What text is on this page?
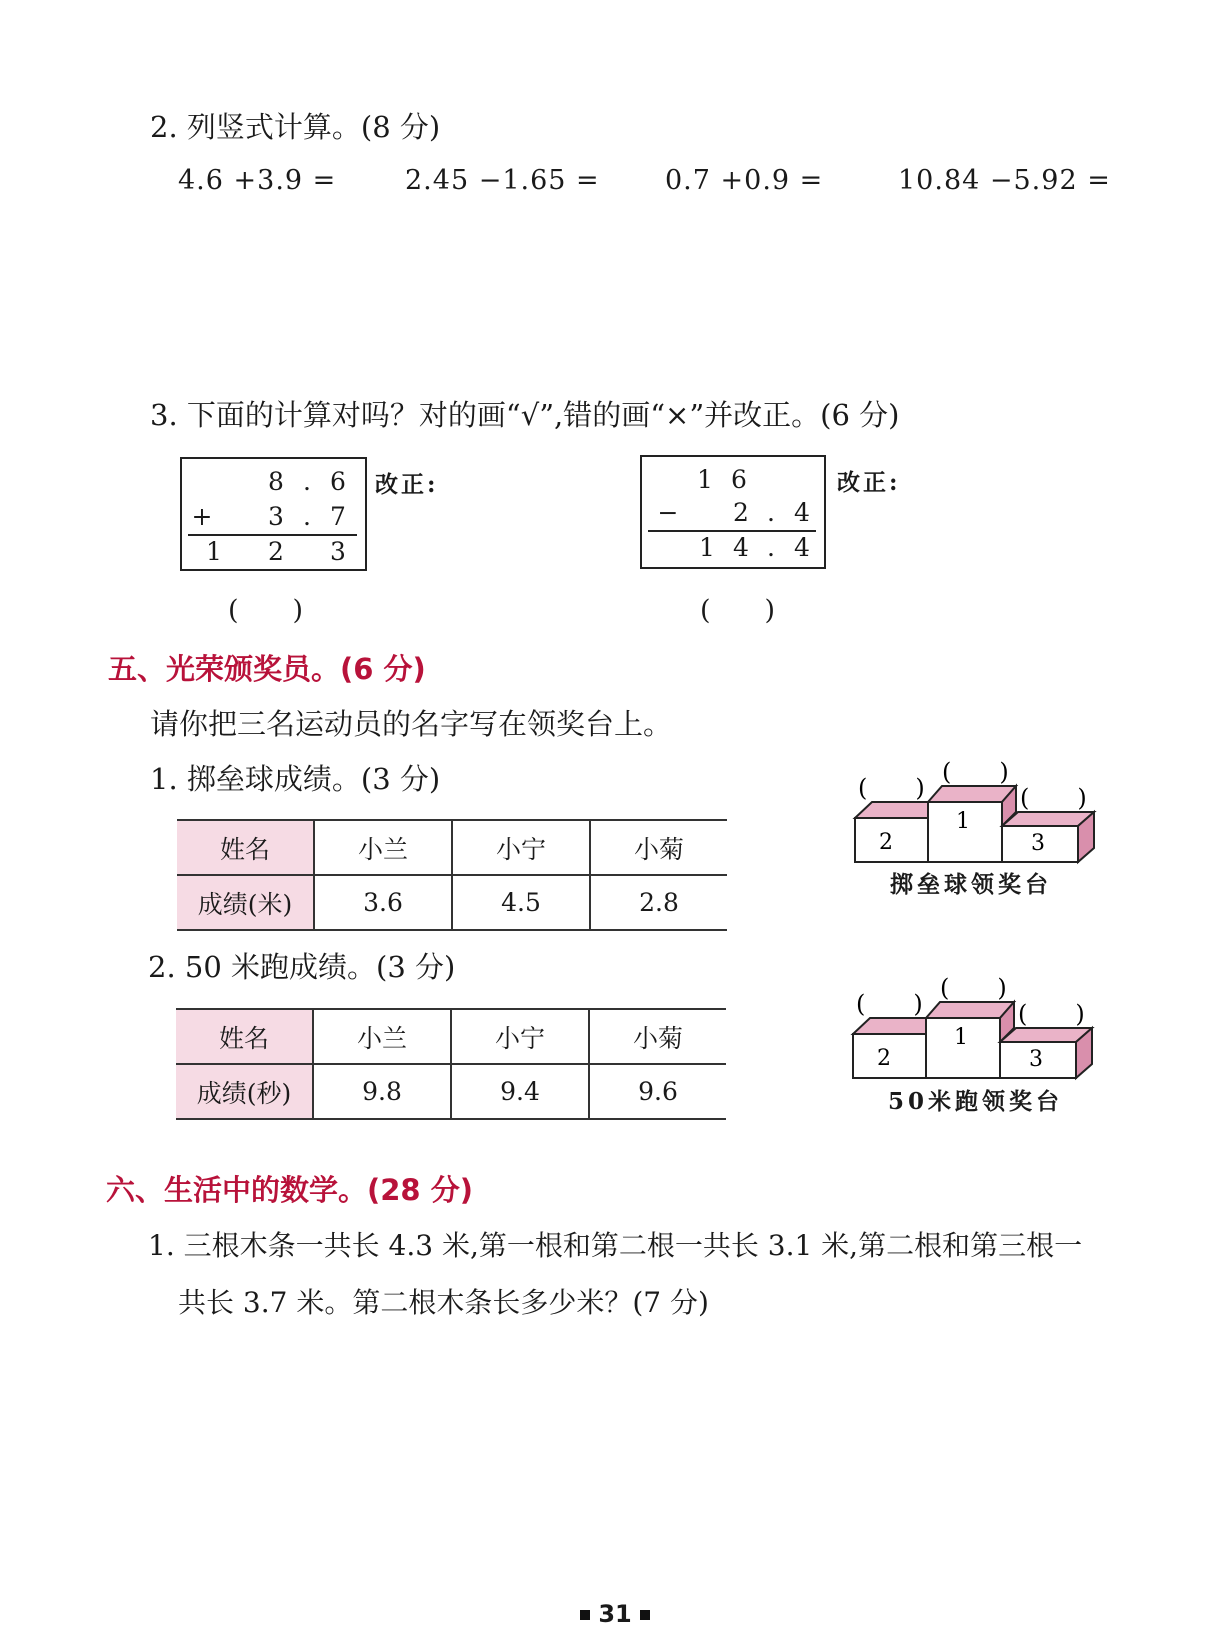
2. 列竖式计算。(8 分)
4.6 +3.9 =	2.45 −1.65 = 0.7 +0.9 =	10.84 −5.92 =
3. 下面的计算对吗？对的画“√”,错的画“×”并改正。(6 分)
8 . 6
+ 3 . 7
1 2 3
改正:
(　　)
1 6
− 2 . 4
1 4 . 4
改正:
(　　)
五、光荣颁奖员。(6 分)
请你把三名运动员的名字写在领奖台上。
1. 掷垒球成绩。(3 分)
姓名	小兰	小宁	小菊
成绩(米)	3.6	4.5	2.8
2
1
3
(　　)
(　　)
(　　)
掷垒球领奖台
2. 50 米跑成绩。(3 分)
姓名	小兰	小宁	小菊
成绩(秒)	9.8	9.4	9.6
2
1
3
(　　)
(　　)
(　　)
50米跑领奖台
六、生活中的数学。(28 分)
1. 三根木条一共长 4.3 米,第一根和第二根一共长 3.1 米,第二根和第三根一
共长 3.7 米。第二根木条长多少米？(7 分)
31
